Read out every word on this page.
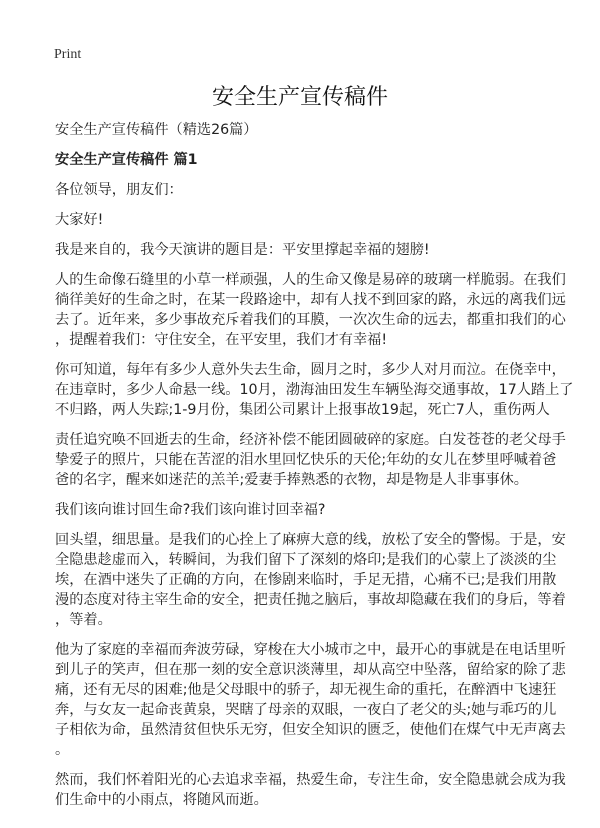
Print
安全生产宣传稿件

安全生产宣传稿件（精选26篇）

安全生产宣传稿件 篇1

各位领导，朋友们：

大家好!

我是来自的，我今天演讲的题目是：平安里撑起幸福的翅膀!

人的生命像石缝里的小草一样顽强，人的生命又像是易碎的玻璃一样脆弱。在我们
徜徉美好的生命之时，在某一段路途中，却有人找不到回家的路，永远的离我们远
去了。近年来，多少事故充斥着我们的耳膜，一次次生命的远去，都重扣我们的心
，提醒着我们：守住安全，在平安里，我们才有幸福!

你可知道，每年有多少人意外失去生命，圆月之时，多少人对月而泣。在侥幸中，
在违章时，多少人命悬一线。10月，渤海油田发生车辆坠海交通事故，17人踏上了
不归路，两人失踪;1-9月份，集团公司累计上报事故19起，死亡7人，重伤两人

责任追究唤不回逝去的生命，经济补偿不能团圆破碎的家庭。白发苍苍的老父母手
挚爱子的照片，只能在苦涩的泪水里回忆快乐的天伦;年幼的女儿在梦里呼喊着爸
爸的名字，醒来如迷茫的羔羊;爱妻手捧熟悉的衣物，却是物是人非事事休。

我们该向谁讨回生命?我们该向谁讨回幸福?

回头望，细思量。是我们的心拴上了麻痹大意的线，放松了安全的警惕。于是，安
全隐患趁虚而入，转瞬间，为我们留下了深刻的烙印;是我们的心蒙上了淡淡的尘
埃，在酒中迷失了正确的方向，在惨剧来临时，手足无措，心痛不已;是我们用散
漫的态度对待主宰生命的安全，把责任抛之脑后，事故却隐藏在我们的身后，等着
，等着。

他为了家庭的幸福而奔波劳碌，穿梭在大小城市之中，最开心的事就是在电话里听
到儿子的笑声，但在那一刻的安全意识淡薄里，却从高空中坠落，留给家的除了悲
痛，还有无尽的困难;他是父母眼中的骄子，却无视生命的重托，在醉酒中飞速狂
奔，与女友一起命丧黄泉，哭瞎了母亲的双眼，一夜白了老父的头;她与乖巧的儿
子相依为命，虽然清贫但快乐无穷，但安全知识的匮乏，使他们在煤气中无声离去
。

然而，我们怀着阳光的心去追求幸福，热爱生命，专注生命，安全隐患就会成为我
们生命中的小雨点，将随风而逝。
